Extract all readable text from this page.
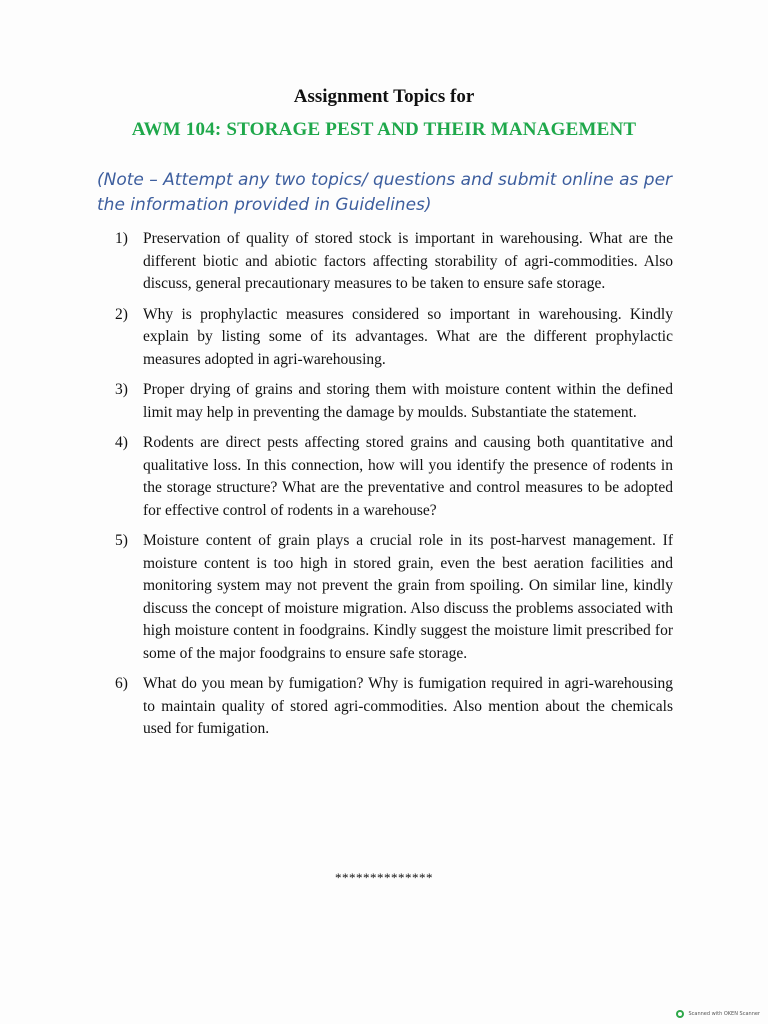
Assignment Topics for
AWM 104: STORAGE PEST AND THEIR MANAGEMENT
(Note – Attempt any two topics/ questions and submit online as per the information provided in Guidelines)
1) Preservation of quality of stored stock is important in warehousing. What are the different biotic and abiotic factors affecting storability of agri-commodities. Also discuss, general precautionary measures to be taken to ensure safe storage.
2) Why is prophylactic measures considered so important in warehousing. Kindly explain by listing some of its advantages. What are the different prophylactic measures adopted in agri-warehousing.
3) Proper drying of grains and storing them with moisture content within the defined limit may help in preventing the damage by moulds. Substantiate the statement.
4) Rodents are direct pests affecting stored grains and causing both quantitative and qualitative loss. In this connection, how will you identify the presence of rodents in the storage structure? What are the preventative and control measures to be adopted for effective control of rodents in a warehouse?
5) Moisture content of grain plays a crucial role in its post-harvest management. If moisture content is too high in stored grain, even the best aeration facilities and monitoring system may not prevent the grain from spoiling. On similar line, kindly discuss the concept of moisture migration. Also discuss the problems associated with high moisture content in foodgrains. Kindly suggest the moisture limit prescribed for some of the major foodgrains to ensure safe storage.
6) What do you mean by fumigation? Why is fumigation required in agri-warehousing to maintain quality of stored agri-commodities. Also mention about the chemicals used for fumigation.
**************
Scanned with OKEN Scanner
